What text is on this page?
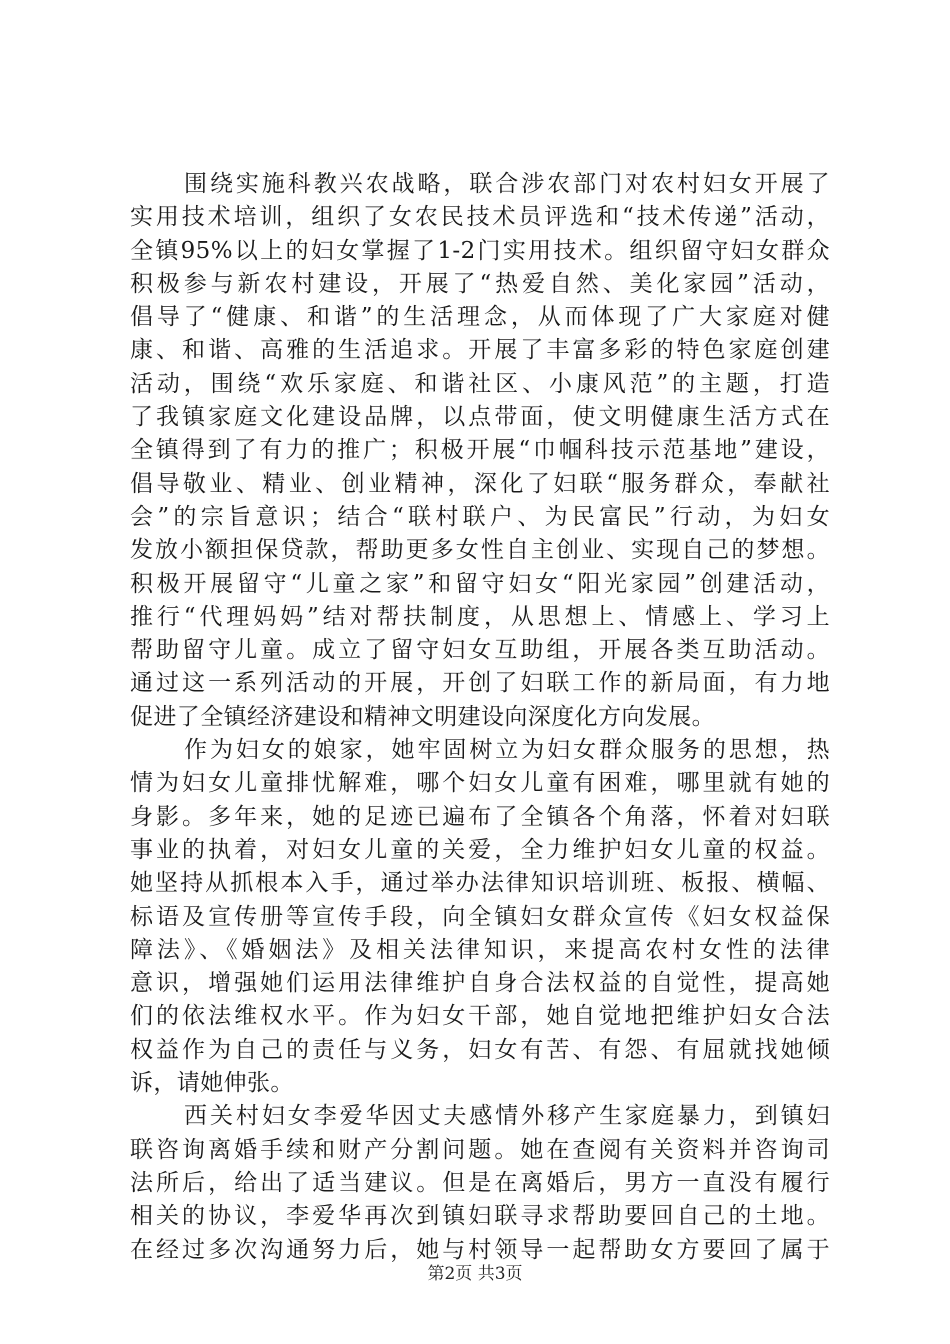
围绕实施科教兴农战略，联合涉农部门对农村妇女开展了
实用技术培训，组织了女农民技术员评选和“技术传递”活动，
全镇95%以上的妇女掌握了1-2门实用技术。组织留守妇女群众
积极参与新农村建设，开展了“热爱自然、美化家园”活动，
倡导了“健康、和谐”的生活理念，从而体现了广大家庭对健
康、和谐、高雅的生活追求。开展了丰富多彩的特色家庭创建
活动，围绕“欢乐家庭、和谐社区、小康风范”的主题，打造
了我镇家庭文化建设品牌，以点带面，使文明健康生活方式在
全镇得到了有力的推广；积极开展“巾帼科技示范基地”建设，
倡导敬业、精业、创业精神，深化了妇联“服务群众，奉献社
会”的宗旨意识；结合“联村联户、为民富民”行动，为妇女
发放小额担保贷款，帮助更多女性自主创业、实现自己的梦想。
积极开展留守“儿童之家”和留守妇女“阳光家园”创建活动，
推行“代理妈妈”结对帮扶制度，从思想上、情感上、学习上
帮助留守儿童。成立了留守妇女互助组，开展各类互助活动。
通过这一系列活动的开展，开创了妇联工作的新局面，有力地
促进了全镇经济建设和精神文明建设向深度化方向发展。
作为妇女的娘家，她牢固树立为妇女群众服务的思想，热
情为妇女儿童排忧解难，哪个妇女儿童有困难，哪里就有她的
身影。多年来，她的足迹已遍布了全镇各个角落，怀着对妇联
事业的执着，对妇女儿童的关爱，全力维护妇女儿童的权益。
她坚持从抓根本入手，通过举办法律知识培训班、板报、横幅、
标语及宣传册等宣传手段，向全镇妇女群众宣传《妇女权益保
障法》、《婚姻法》及相关法律知识，来提高农村女性的法律
意识，增强她们运用法律维护自身合法权益的自觉性，提高她
们的依法维权水平。作为妇女干部，她自觉地把维护妇女合法
权益作为自己的责任与义务，妇女有苦、有怨、有屈就找她倾
诉，请她伸张。
西关村妇女李爱华因丈夫感情外移产生家庭暴力，到镇妇
联咨询离婚手续和财产分割问题。她在查阅有关资料并咨询司
法所后，给出了适当建议。但是在离婚后，男方一直没有履行
相关的协议，李爱华再次到镇妇联寻求帮助要回自己的土地。
在经过多次沟通努力后，她与村领导一起帮助女方要回了属于
第2页 共3页
